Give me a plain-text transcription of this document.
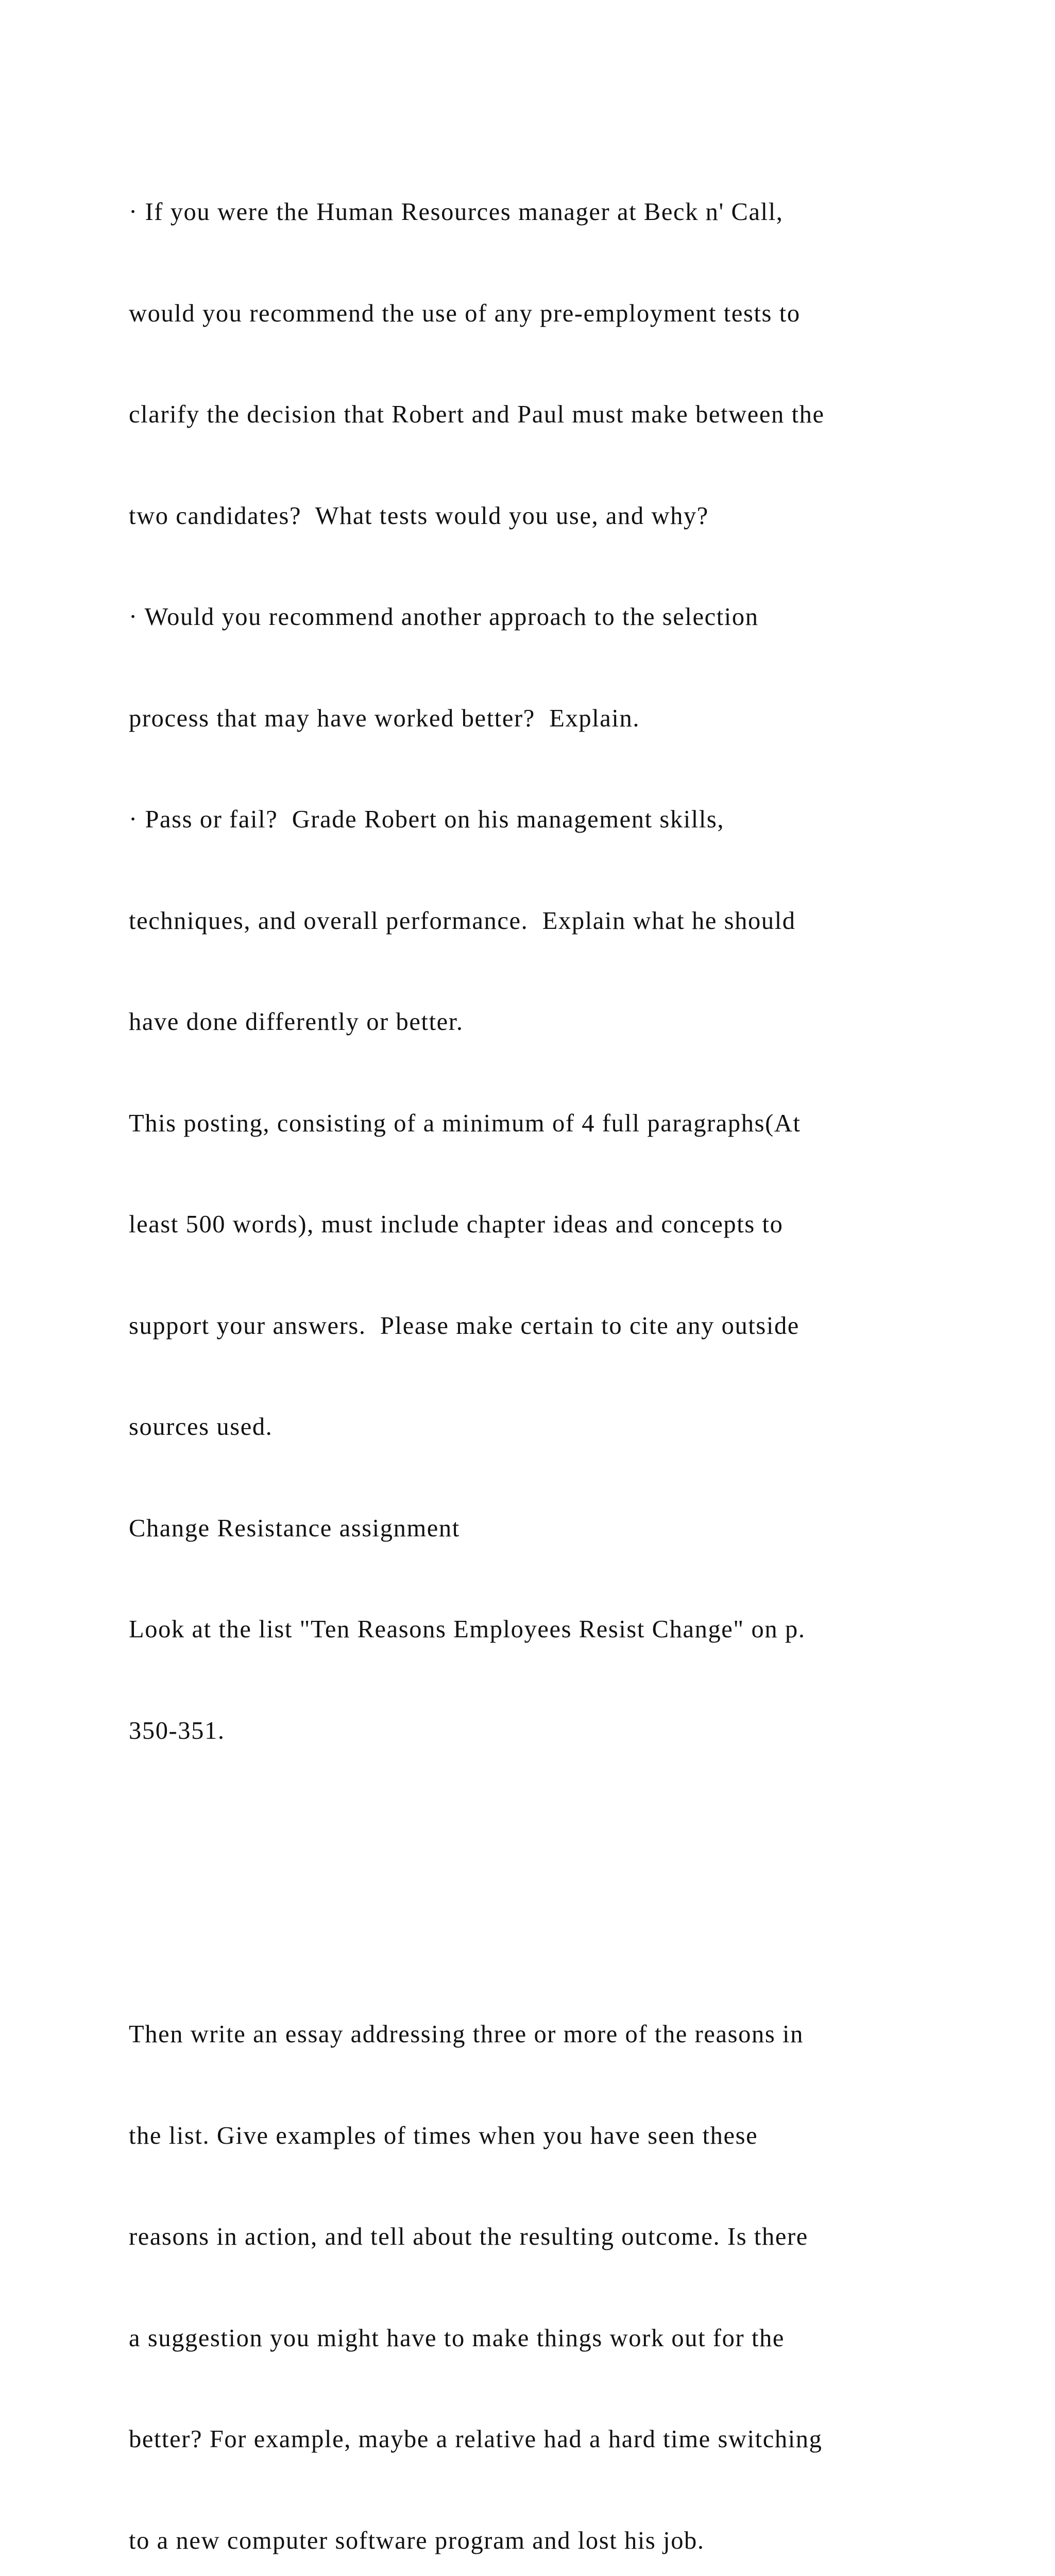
· If you were the Human Resources manager at Beck n' Call,

would you recommend the use of any pre-employment tests to

clarify the decision that Robert and Paul must make between the

two candidates?  What tests would you use, and why?

· Would you recommend another approach to the selection

process that may have worked better?  Explain.

· Pass or fail?  Grade Robert on his management skills,

techniques, and overall performance.  Explain what he should

have done differently or better.

This posting, consisting of a minimum of 4 full paragraphs(At

least 500 words), must include chapter ideas and concepts to

support your answers.  Please make certain to cite any outside

sources used.

Change Resistance assignment

Look at the list "Ten Reasons Employees Resist Change" on p.

350-351.

Then write an essay addressing three or more of the reasons in

the list. Give examples of times when you have seen these

reasons in action, and tell about the resulting outcome. Is there

a suggestion you might have to make things work out for the

better? For example, maybe a relative had a hard time switching

to a new computer software program and lost his job.
